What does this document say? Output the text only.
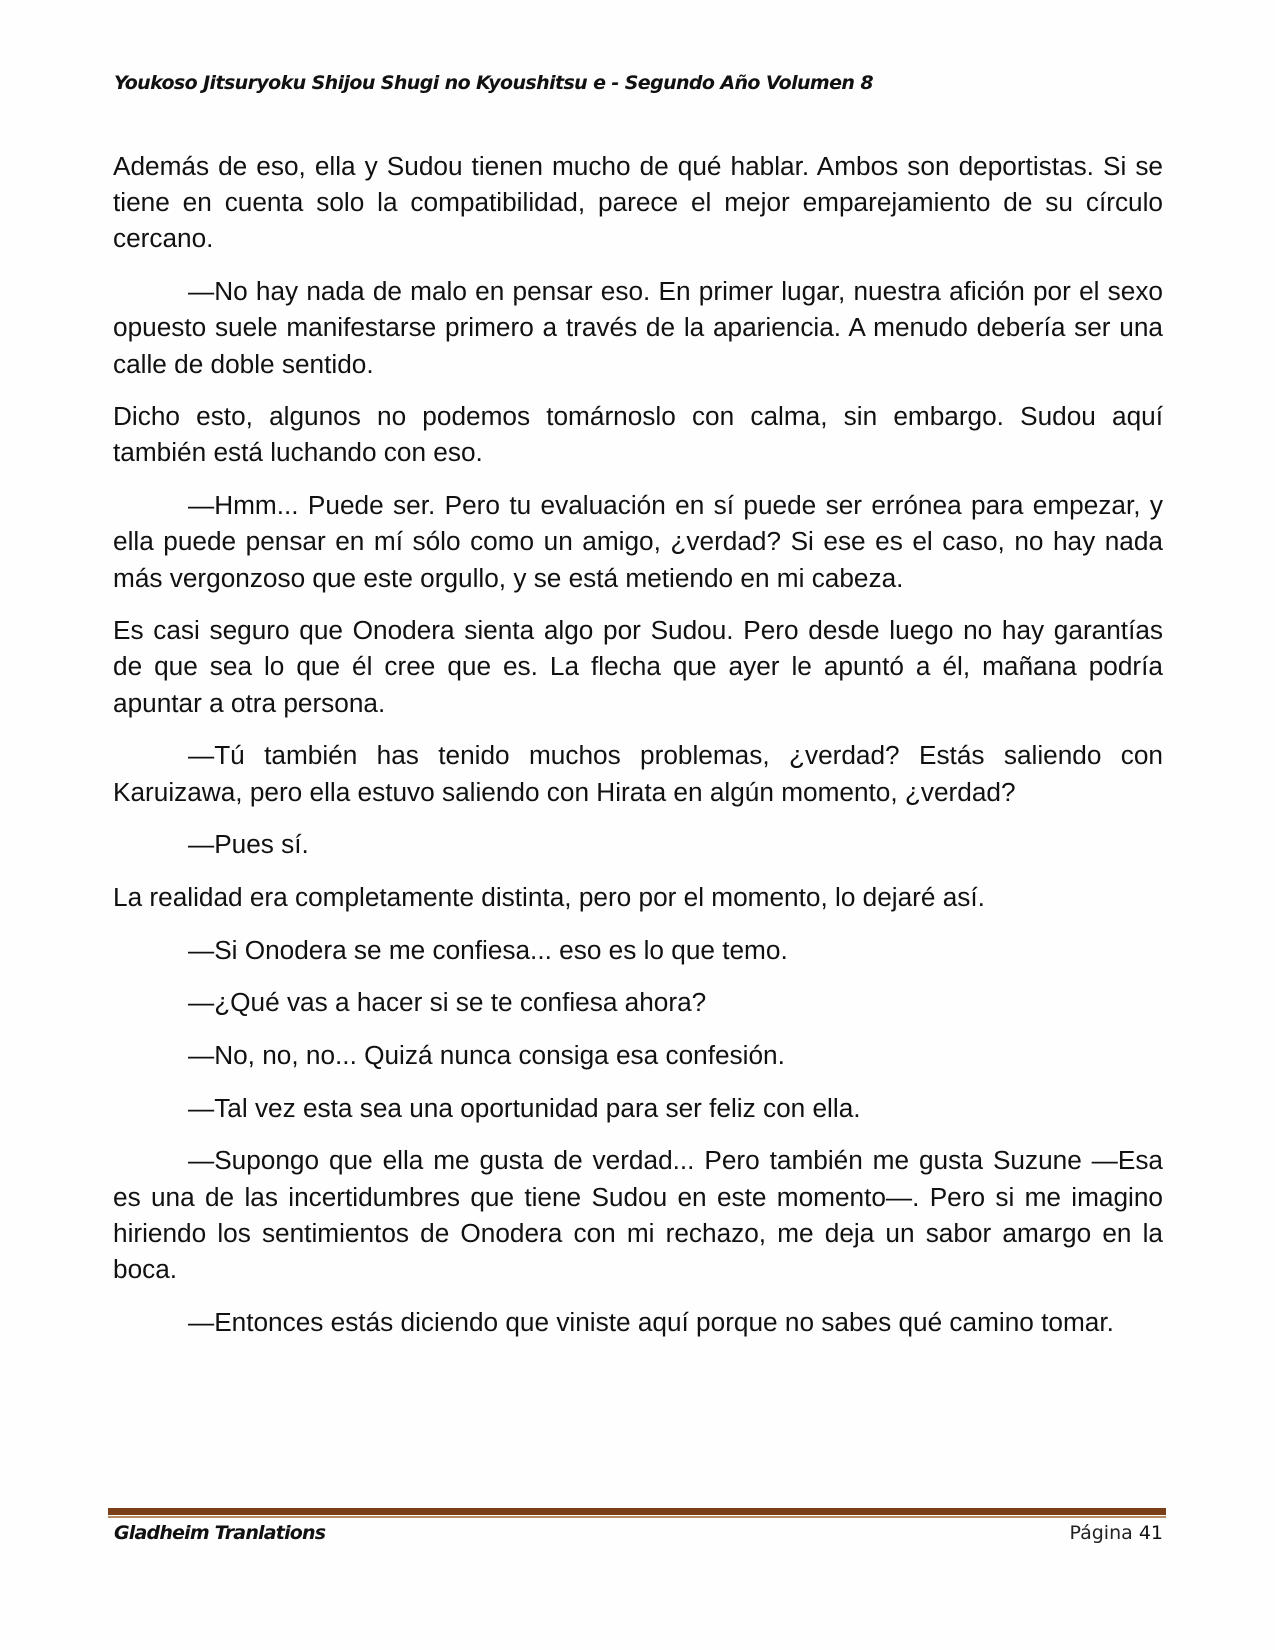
Youkoso Jitsuryoku Shijou Shugi no Kyoushitsu e - Segundo Año Volumen 8

Además de eso, ella y Sudou tienen mucho de qué hablar. Ambos son deportistas. Si se tiene en cuenta solo la compatibilidad, parece el mejor emparejamiento de su círculo cercano.

—No hay nada de malo en pensar eso. En primer lugar, nuestra afición por el sexo opuesto suele manifestarse primero a través de la apariencia. A menudo debería ser una calle de doble sentido.

Dicho esto, algunos no podemos tomárnoslo con calma, sin embargo. Sudou aquí también está luchando con eso.

—Hmm... Puede ser. Pero tu evaluación en sí puede ser errónea para empezar, y ella puede pensar en mí sólo como un amigo, ¿verdad? Si ese es el caso, no hay nada más vergonzoso que este orgullo, y se está metiendo en mi cabeza.

Es casi seguro que Onodera sienta algo por Sudou. Pero desde luego no hay garantías de que sea lo que él cree que es. La flecha que ayer le apuntó a él, mañana podría apuntar a otra persona.

—Tú también has tenido muchos problemas, ¿verdad? Estás saliendo con Karuizawa, pero ella estuvo saliendo con Hirata en algún momento, ¿verdad?

—Pues sí.

La realidad era completamente distinta, pero por el momento, lo dejaré así.

—Si Onodera se me confiesa... eso es lo que temo.

—¿Qué vas a hacer si se te confiesa ahora?

—No, no, no... Quizá nunca consiga esa confesión.

—Tal vez esta sea una oportunidad para ser feliz con ella.

—Supongo que ella me gusta de verdad... Pero también me gusta Suzune —Esa es una de las incertidumbres que tiene Sudou en este momento—. Pero si me imagino hiriendo los sentimientos de Onodera con mi rechazo, me deja un sabor amargo en la boca.

—Entonces estás diciendo que viniste aquí porque no sabes qué camino tomar.

Gladheim Tranlations	Página 41
